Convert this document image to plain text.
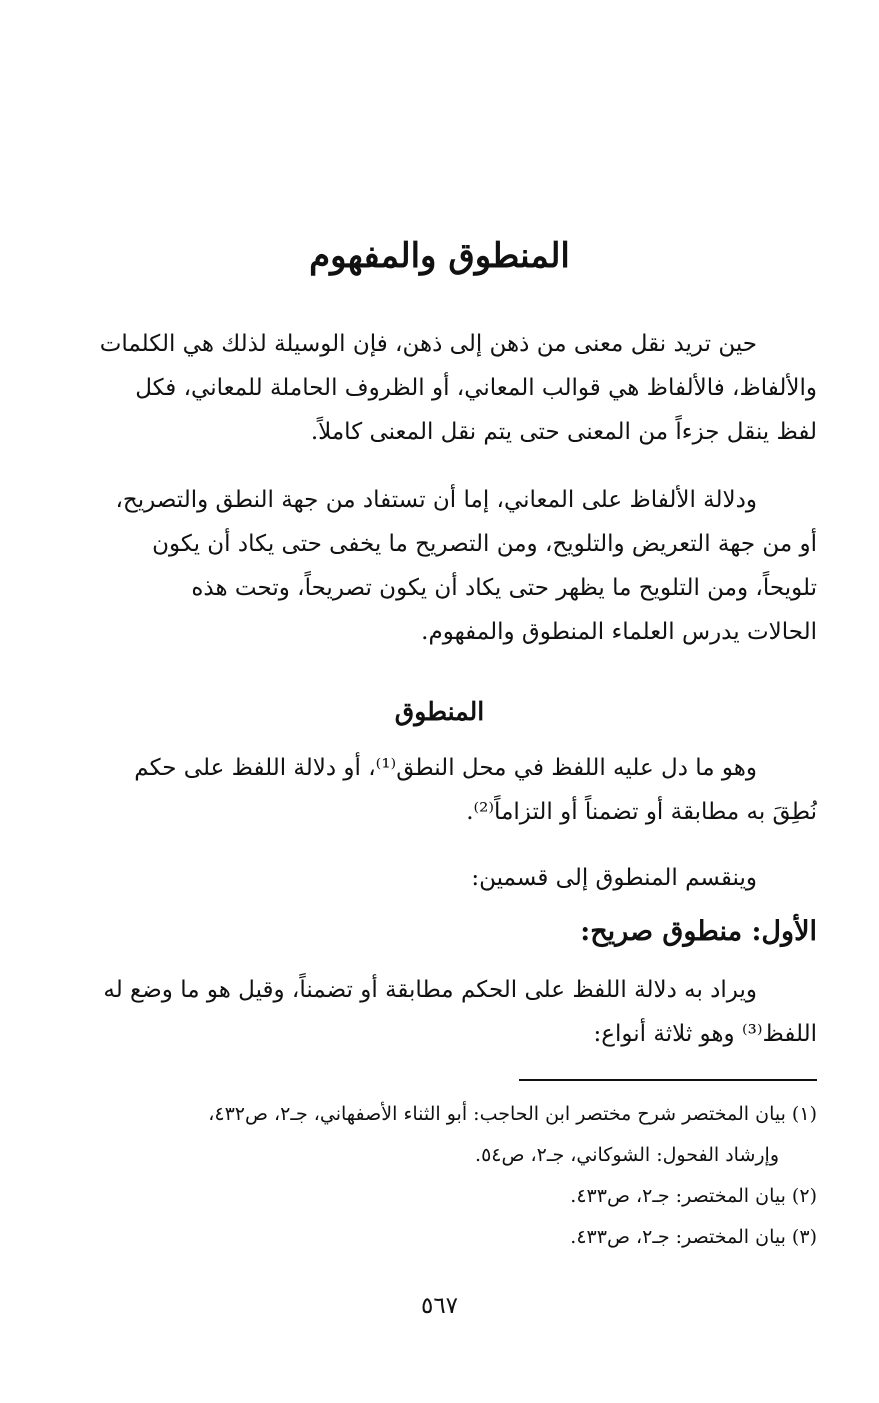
المنطوق والمفهوم

حين تريد نقل معنى من ذهن إلى ذهن، فإن الوسيلة لذلك هي الكلمات
والألفاظ، فالألفاظ هي قوالب المعاني، أو الظروف الحاملة للمعاني، فكل
لفظ ينقل جزءاً من المعنى حتى يتم نقل المعنى كاملاً.

ودلالة الألفاظ على المعاني، إما أن تستفاد من جهة النطق والتصريح،
أو من جهة التعريض والتلويح، ومن التصريح ما يخفى حتى يكاد أن يكون
تلويحاً، ومن التلويح ما يظهر حتى يكاد أن يكون تصريحاً، وتحت هذه
الحالات يدرس العلماء المنطوق والمفهوم.

المنطوق

وهو ما دل عليه اللفظ في محل النطق⁽¹⁾، أو دلالة اللفظ على حكم
نُطِقَ به مطابقة أو تضمناً أو التزاماً⁽²⁾.

وينقسم المنطوق إلى قسمين:

الأول: منطوق صريح:

ويراد به دلالة اللفظ على الحكم مطابقة أو تضمناً، وقيل هو ما وضع له
اللفظ⁽³⁾ وهو ثلاثة أنواع:

(١) بيان المختصر شرح مختصر ابن الحاجب: أبو الثناء الأصفهاني، جـ٢، ص٤٣٢،
وإرشاد الفحول: الشوكاني، جـ٢، ص٥٤.
(٢) بيان المختصر: جـ٢، ص٤٣٣.
(٣) بيان المختصر: جـ٢، ص٤٣٣.
٥٦٧
